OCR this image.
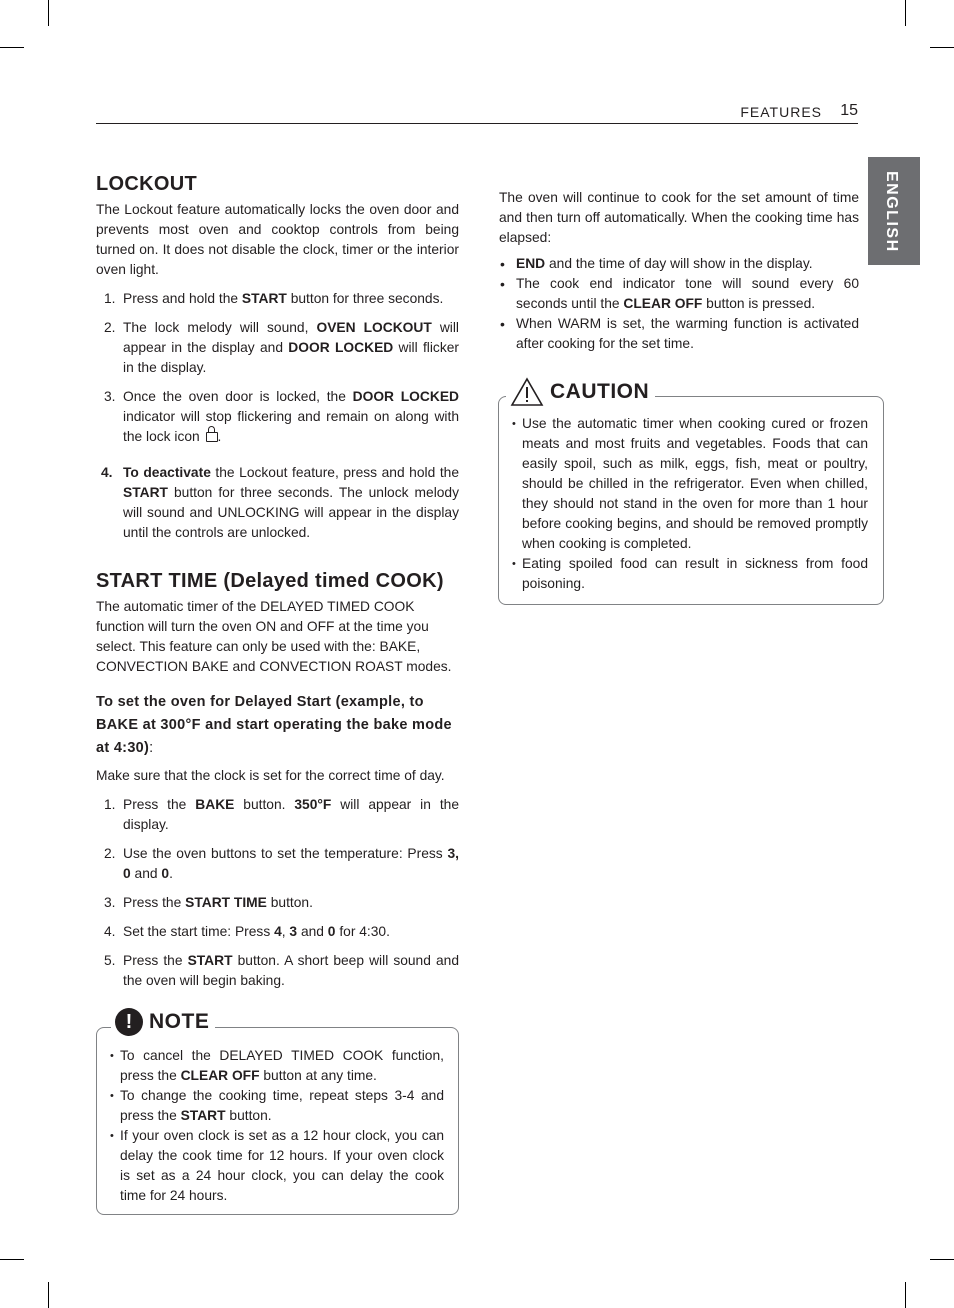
FEATURES 15
ENGLISH
LOCKOUT

The Lockout feature automatically locks the oven door and prevents most oven and cooktop controls from being turned on. It does not disable the clock, timer or the interior oven light.

1. Press and hold the START button for three seconds.
2. The lock melody will sound, OVEN LOCKOUT will appear in the display and DOOR LOCKED will flicker in the display.
3. Once the oven door is locked, the DOOR LOCKED indicator will stop flickering and remain on along with the lock icon .
4. To deactivate the Lockout feature, press and hold the START button for three seconds. The unlock melody will sound and UNLOCKING will appear in the display until the controls are unlocked.
START TIME (Delayed timed COOK)

The automatic timer of the DELAYED TIMED COOK function will turn the oven ON and OFF at the time you select. This feature can only be used with the: BAKE, CONVECTION BAKE and CONVECTION ROAST modes.

To set the oven for Delayed Start (example, to BAKE at 300°F and start operating the bake mode at 4:30):

Make sure that the clock is set for the correct time of day.

1. Press the BAKE button. 350°F will appear in the display.
2. Use the oven buttons to set the temperature: Press 3, 0 and 0.
3. Press the START TIME button.
4. Set the start time: Press 4, 3 and 0 for 4:30.
5. Press the START button. A short beep will sound and the oven will begin baking.
! NOTE
• To cancel the DELAYED TIMED COOK function, press the CLEAR OFF button at any time.
• To change the cooking time, repeat steps 3-4 and press the START button.
• If your oven clock is set as a 12 hour clock, you can delay the cook time for 12 hours. If your oven clock is set as a 24 hour clock, you can delay the cook time for 24 hours.

The oven will continue to cook for the set amount of time and then turn off automatically. When the cooking time has elapsed:

• END and the time of day will show in the display.
• The cook end indicator tone will sound every 60 seconds until the CLEAR OFF button is pressed.
• When WARM is set, the warming function is activated after cooking for the set time.
CAUTION
• Use the automatic timer when cooking cured or frozen meats and most fruits and vegetables. Foods that can easily spoil, such as milk, eggs, fish, meat or poultry, should be chilled in the refrigerator. Even when chilled, they should not stand in the oven for more than 1 hour before cooking begins, and should be removed promptly when cooking is completed.
• Eating spoiled food can result in sickness from food poisoning.
